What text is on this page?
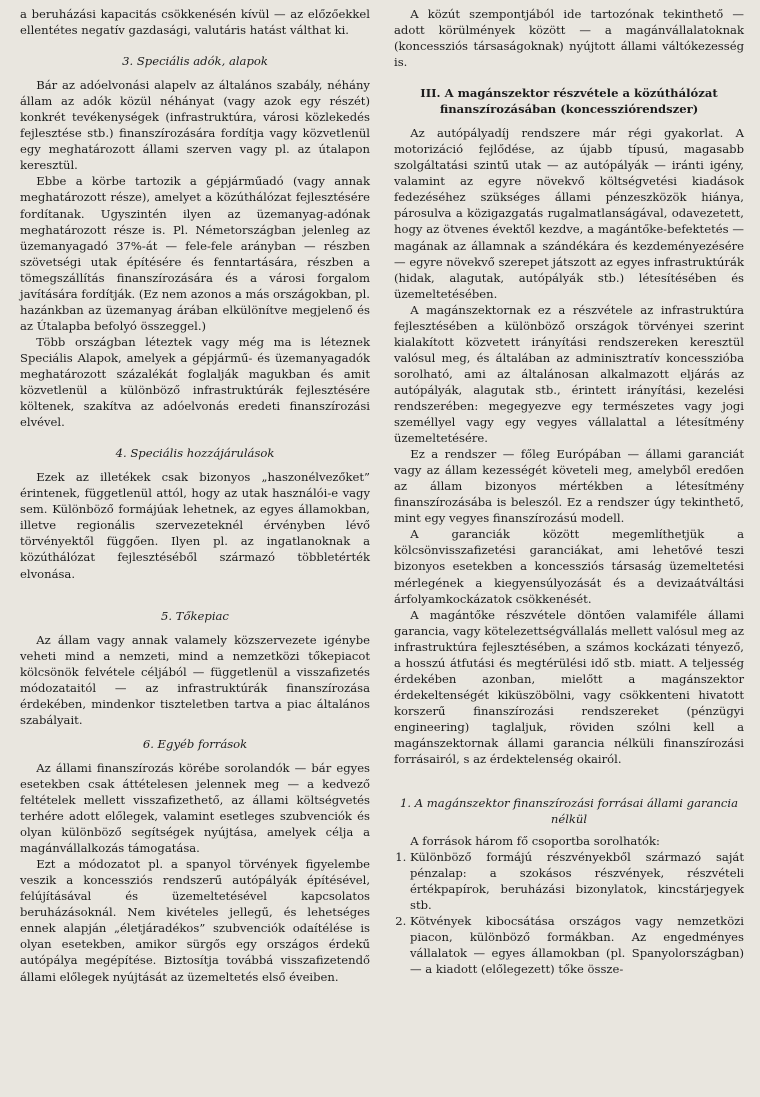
a beruházási kapacitás csökkenésén kívül — az előzőekkel ellentétes negatív gazdasági, valutáris hatást válthat ki.

3. Speciális adók, alapok

Bár az adóelvonási alapelv az általános szabály, néhány állam az adók közül néhányat (vagy azok egy részét) konkrét tevékenységek (infrastruktúra, városi közlekedés fejlesztése stb.) finanszírozására fordítja vagy közvetlenül egy meghatározott állami szerven vagy pl. az útalapon keresztül.

Ebbe a körbe tartozik a gépjárműadó (vagy annak meghatározott része), amelyet a közúthálózat fejlesztésére fordítanak. Ugyszintén ilyen az üzemanyag-adónak meghatározott része is. Pl. Németországban jelenleg az üzemanyagadó 37%-át — fele-fele arányban — részben szövetségi utak építésére és fenntartására, részben a tömegszállítás finanszírozására és a városi forgalom javítására fordítják. (Ez nem azonos a más országokban, pl. hazánkban az üzemanyag árában elkülönítve megjelenő és az Útalapba befolyó összeggel.)

Több országban léteztek vagy még ma is léteznek Speciális Alapok, amelyek a gépjármű- és üzemanyagadók meghatározott százalékát foglalják magukban és amit közvetlenül a különböző infrastruktúrák fejlesztésére költenek, szakítva az adóelvonás eredeti finanszírozási elvével.

4. Speciális hozzájárulások

Ezek az illetékek csak bizonyos „haszonélvezőket” érintenek, függetlenül attól, hogy az utak használói-e vagy sem. Különböző formájúak lehetnek, az egyes államokban, illetve regionális szervezeteknél érvényben lévő törvényektől függően. Ilyen pl. az ingatlanoknak a közúthálózat fejlesztéséből származó többletérték elvonása.

5. Tőkepiac

Az állam vagy annak valamely közszervezete igénybe veheti mind a nemzeti, mind a nemzetközi tőkepiacot kölcsönök felvétele céljából — függetlenül a visszafizetés módozataitól — az infrastruktúrák finanszírozása érdekében, mindenkor tiszteletben tartva a piac általános szabályait.

6. Egyéb források

Az állami finanszírozás körébe sorolandók — bár egyes esetekben csak áttételesen jelennek meg — a kedvező feltételek mellett visszafizethető, az állami költségvetés terhére adott előlegek, valamint esetleges szubvenciók és olyan különböző segítségek nyújtása, amelyek célja a magánvállalkozás támogatása.

Ezt a módozatot pl. a spanyol törvények figyelembe veszik a koncessziós rendszerű autópályák építésével, felújításával és üzemeltetésével kapcsolatos beruházásoknál. Nem kivételes jellegű, és lehetséges ennek alapján „életjáradékos” szubvenciók odaítélése is olyan esetekben, amikor sürgős egy országos érdekű autópálya megépítése. Biztosítja továbbá visszafizetendő állami előlegek nyújtását az üzemeltetés első éveiben.

A közút szempontjából ide tartozónak tekinthető — adott körülmények között — a magánvállalatoknak (koncessziós társaságoknak) nyújtott állami váltókezesség is.

III. A magánszektor részvétele a közúthálózat finanszírozásában (koncessziórendszer)

Az autópályadíj rendszere már régi gyakorlat. A motorizáció fejlődése, az újabb típusú, magasabb szolgáltatási szintű utak — az autópályák — iránti igény, valamint az egyre növekvő költségvetési kiadások fedezéséhez szükséges állami pénzeszközök hiánya, párosulva a közigazgatás rugalmatlanságával, odavezetett, hogy az ötvenes évektől kezdve, a magántőke-befektetés — magának az államnak a szándékára és kezdeményezésére — egyre növekvő szerepet játszott az egyes infrastruktúrák (hidak, alagutak, autópályák stb.) létesítésében és üzemeltetésében.

A magánszektornak ez a részvétele az infrastruktúra fejlesztésében a különböző országok törvényei szerint kialakított közvetett irányítási rendszereken keresztül valósul meg, és általában az adminisztratív koncesszióba sorolható, ami az általánosan alkalmazott eljárás az autópályák, alagutak stb., érintett irányítási, kezelési rendszerében: megegyezve egy természetes vagy jogi személlyel vagy egy vegyes vállalattal a létesítmény üzemeltetésére.

Ez a rendszer — főleg Európában — állami garanciát vagy az állam kezességét követeli meg, amelyből eredően az állam bizonyos mértékben a létesítmény finanszírozásába is beleszól. Ez a rendszer úgy tekinthető, mint egy vegyes finanszírozású modell.

A garanciák között megemlíthetjük a kölcsönvisszafizetési garanciákat, ami lehetővé teszi bizonyos esetekben a koncessziós társaság üzemeltetési mérlegének a kiegyensúlyozását és a devizaátváltási árfolyamkockázatok csökkenését.

A magántőke részvétele döntően valamiféle állami garancia, vagy kötelezettségvállalás mellett valósul meg az infrastruktúra fejlesztésében, a számos kockázati tényező, a hosszú átfutási és megtérülési idő stb. miatt. A teljesség érdekében azonban, mielőtt a magánszektor érdekeltenségét kiküszöbölni, vagy csökkenteni hivatott korszerű finanszírozási rendszereket (pénzügyi engineering) taglaljuk, röviden szólni kell a magánszektornak állami garancia nélküli finanszírozási forrásairól, s az érdektelenség okairól.

1. A magánszektor finanszírozási forrásai állami garancia nélkül

A források három fő csoportba sorolhatók:

1. Különböző formájú részvényekből származó saját pénzalap: a szokásos részvények, részvételi értékpapírok, beruházási bizonylatok, kincstárjegyek stb.
2. Kötvények kibocsátása országos vagy nemzetközi piacon, különböző formákban. Az engedményes vállalatok — egyes államokban (pl. Spanyolországban) — a kiadott (előlegezett) tőke össze-
